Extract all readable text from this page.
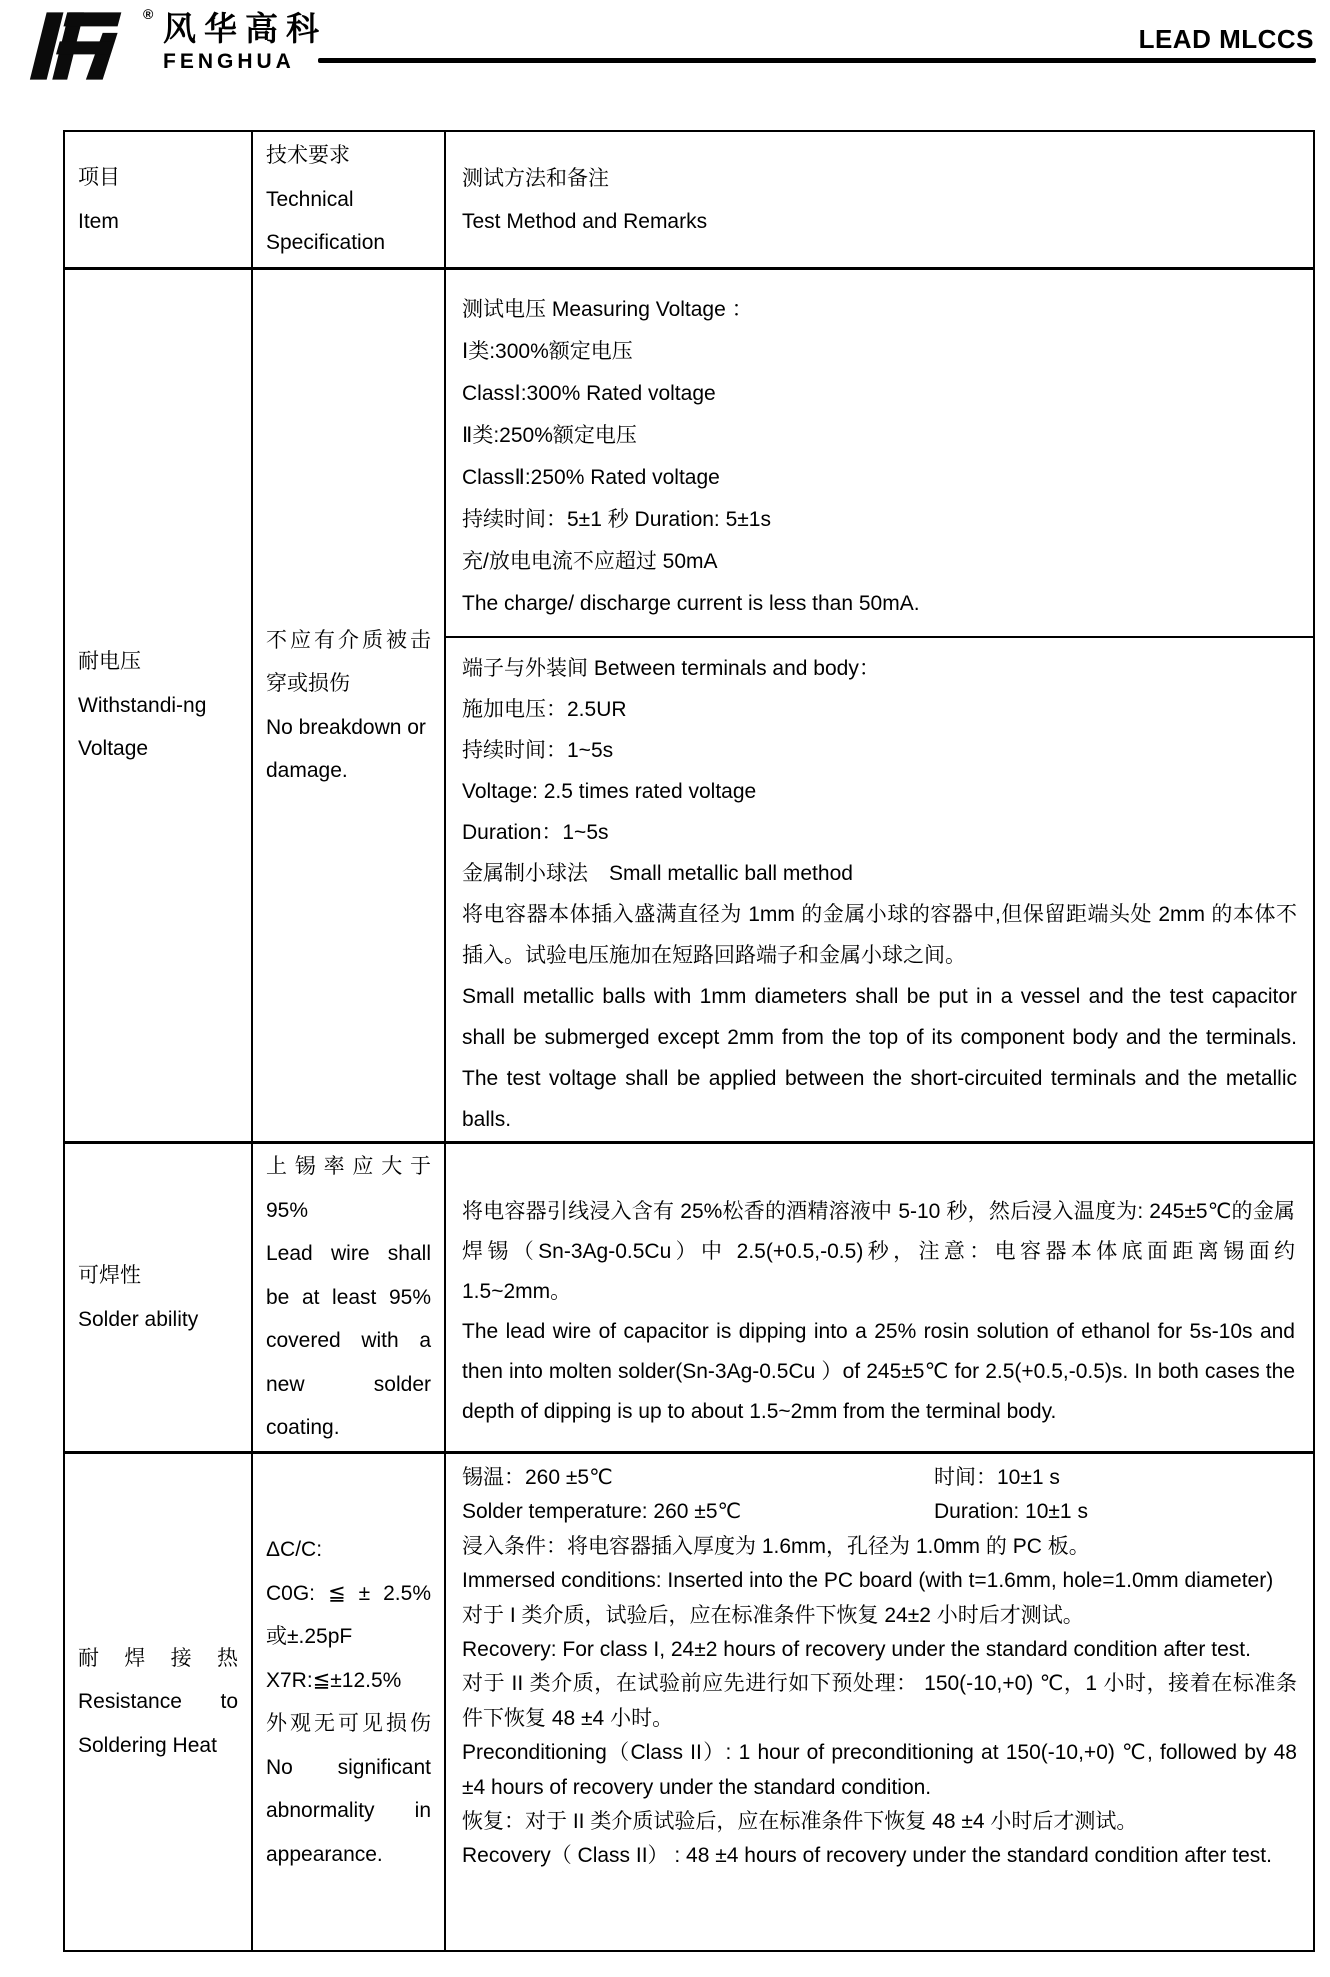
® 风华高科
FENGHUA
LEAD MLCCS
项目
Item
技术要求
Technical
Specification
测试方法和备注
Test Method and Remarks
耐电压
Withstandi-ng
Voltage
不应有介质被击
穿或损伤
No breakdown or
damage.
测试电压 Measuring Voltage ：
Ⅰ类:300%额定电压
ClassⅠ:300% Rated voltage
Ⅱ类:250%额定电压
ClassⅡ:250% Rated voltage
持续时间：5±1 秒 Duration: 5±1s
充/放电电流不应超过 50mA
The charge/ discharge current is less than 50mA.
端子与外装间 Between terminals and body：
施加电压：2.5UR
持续时间：1~5s
Voltage: 2.5 times rated voltage
Duration：1~5s
金属制小球法　Small metallic ball method
将电容器本体插入盛满直径为 1mm 的金属小球的容器中,但保留距端头处 2mm 的本体不插入。试验电压施加在短路回路端子和金属小球之间。
Small metallic balls with 1mm diameters shall be put in a vessel and the test capacitor shall be submerged except 2mm from the top of its component body and the terminals. The test voltage shall be applied between the short-circuited terminals and the metallic balls.
可焊性
Solder ability
上锡率应大于
95%
Lead wire shall be at least 95% covered with a new solder coating.
将电容器引线浸入含有 25%松香的酒精溶液中 5-10 秒，然后浸入温度为: 245±5℃的金属焊锡（Sn-3Ag-0.5Cu）中 2.5(+0.5,-0.5)秒，注意：电容器本体底面距离锡面约 1.5~2mm。
The lead wire of capacitor is dipping into a 25% rosin solution of ethanol for 5s-10s and then into molten solder(Sn-3Ag-0.5Cu ）of 245±5℃ for 2.5(+0.5,-0.5)s. In both cases the depth of dipping is up to about 1.5~2mm from the terminal body.
耐焊接热
Resistance to Soldering Heat
ΔC/C:
C0G: ≦ ± 2.5%
或±.25pF
X7R:≦±12.5%
外观无可见损伤
No significant abnormality in appearance.
锡温：260 ±5℃	时间：10±1 s
Solder temperature: 260 ±5℃	Duration: 10±1 s
浸入条件：将电容器插入厚度为 1.6mm，孔径为 1.0mm 的 PC 板。
Immersed conditions: Inserted into the PC board (with t=1.6mm, hole=1.0mm diameter)
对于 I 类介质，试验后，应在标准条件下恢复 24±2 小时后才测试。
Recovery: For class I, 24±2 hours of recovery under the standard condition after test.
对于 II 类介质，在试验前应先进行如下预处理： 150(-10,+0) ℃，1 小时，接着在标准条件下恢复 48 ±4 小时。
Preconditioning（Class II）: 1 hour of preconditioning at 150(-10,+0) ℃, followed by 48 ±4 hours of recovery under the standard condition.
恢复：对于 II 类介质试验后，应在标准条件下恢复 48 ±4 小时后才测试。
Recovery（ Class II） : 48 ±4 hours of recovery under the standard condition after test.
